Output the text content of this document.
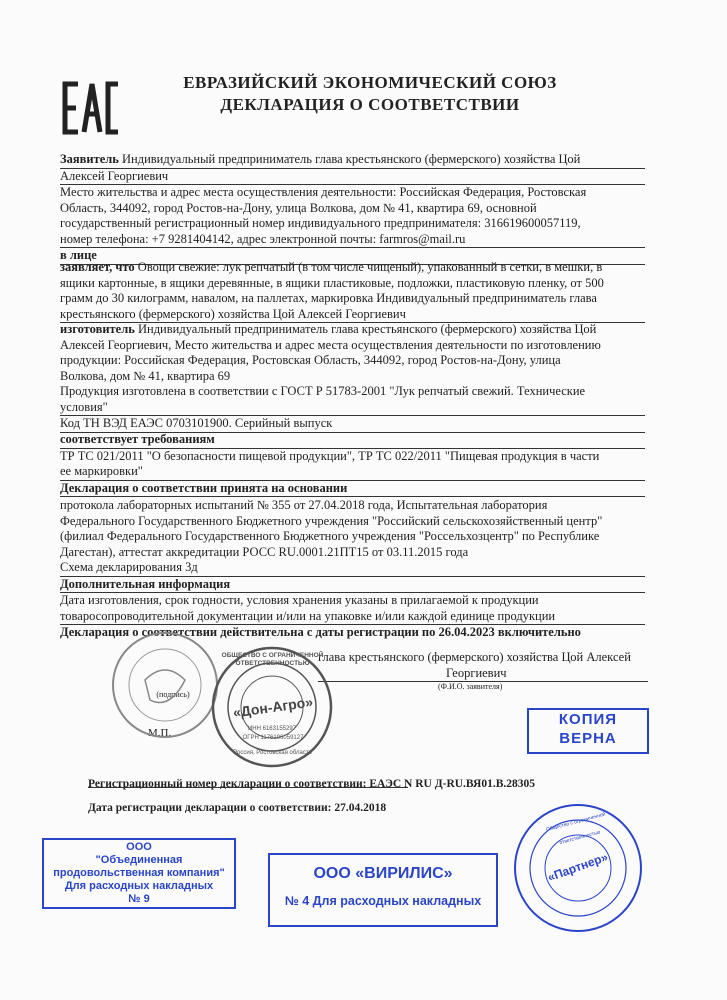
ЕВРАЗИЙСКИЙ ЭКОНОМИЧЕСКИЙ СОЮЗ
ДЕКЛАРАЦИЯ О СООТВЕТСТВИИ
Заявитель Индивидуальный предприниматель глава крестьянского (фермерского) хозяйства Цой
Алексей Георгиевич
Место жительства и адрес места осуществления деятельности: Российская Федерация, Ростовская
Область, 344092, город Ростов-на-Дону, улица Волкова, дом № 41, квартира 69, основной
государственный регистрационный номер индивидуального предпринимателя: 316619600057119,
номер телефона: +7 9281404142, адрес электронной почты: farmros@mail.ru
в лице
заявляет, что Овощи свежие: лук репчатый (в том числе чищеный), упакованный в сетки, в мешки, в
ящики картонные, в ящики деревянные, в ящики пластиковые, подложки, пластиковую пленку, от 500
грамм до 30 килограмм, навалом, на паллетах, маркировка Индивидуальный предприниматель глава
крестьянского (фермерского) хозяйства Цой Алексей Георгиевич
изготовитель Индивидуальный предприниматель глава крестьянского (фермерского) хозяйства Цой
Алексей Георгиевич, Место жительства и адрес места осуществления деятельности по изготовлению
продукции: Российская Федерация, Ростовская Область, 344092, город Ростов-на-Дону, улица
Волкова, дом № 41, квартира 69
Продукция изготовлена в соответствии с ГОСТ Р 51783-2001 "Лук репчатый свежий. Технические
условия"
Код ТН ВЭД ЕАЭС 0703101900. Серийный выпуск
соответствует требованиям
ТР ТС 021/2011 "О безопасности пищевой продукции", ТР ТС 022/2011 "Пищевая продукция в части
ее маркировки"
Декларация о соответствии принята на основании
протокола лабораторных испытаний № 355 от 27.04.2018 года, Испытательная лаборатория
Федерального Государственного Бюджетного учреждения "Российский сельскохозяйственный центр"
(филиал Федерального Государственного Бюджетного учреждения "Россельхозцентр" по Республике
Дагестан), аттестат аккредитации РОСС RU.0001.21ПТ15 от 03.11.2015 года
Схема декларирования 3д
Дополнительная информация
Дата изготовления, срок годности, условия хранения указаны в прилагаемой к продукции
товаросопроводительной документации и/или на упаковке и/или каждой единице продукции
Декларация о соответствии действительна с даты регистрации по 26.04.2023 включительно
глава крестьянского (фермерского) хозяйства Цой Алексей
Георгиевич
(Ф.И.О. заявителя)
(подпись)
М.П.
ОБЩЕСТВО С ОГРАНИЧЕННОЙ ОТВЕТСТВЕННОСТЬЮ
«Дон-Агро»
ИНН 6163155297
ОГРН 1176196059127
Россия, Ростовская область
КОПИЯ
ВЕРНА
Регистрационный номер декларации о соответствии: ЕАЭС N RU Д-RU.ВЯ01.В.28305
Дата регистрации декларации о соответствии: 27.04.2018
ООО
"Объединенная
продовольственная компания"
Для расходных накладных
№ 9
ООО «ВИРИЛИС»
№ 4 Для расходных накладных
«Партнер»
Общество с ограниченной ответственностью
